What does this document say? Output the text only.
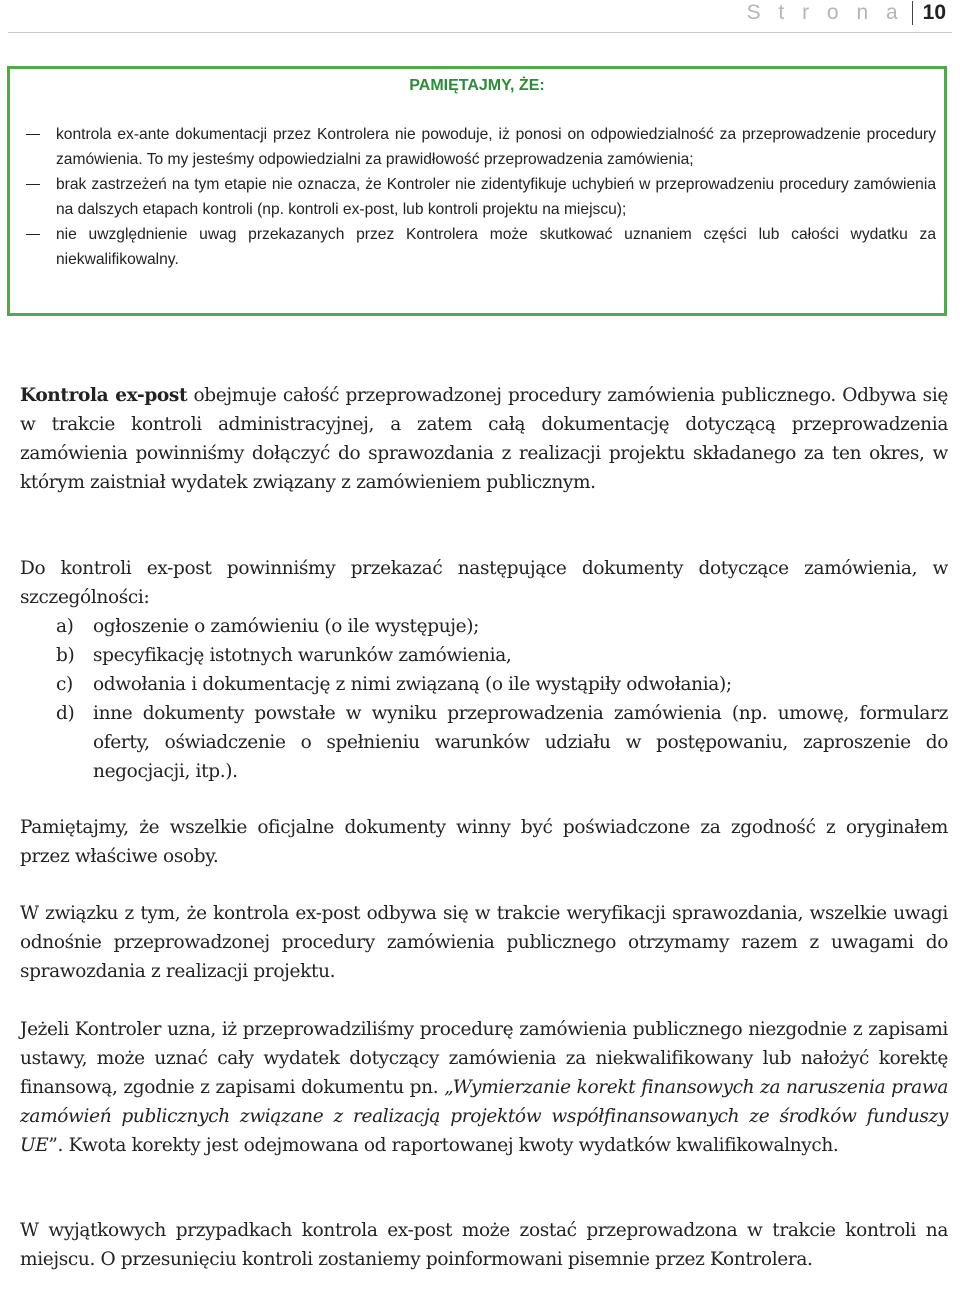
S t r o n a 10
PAMIĘTAJMY, ŻE:
kontrola ex-ante dokumentacji przez Kontrolera nie powoduje, iż ponosi on odpowiedzialność za przeprowadzenie procedury zamówienia. To my jesteśmy odpowiedzialni za prawidłowość przeprowadzenia zamówienia;
brak zastrzeżeń na tym etapie nie oznacza, że Kontroler nie zidentyfikuje uchybień w przeprowadzeniu procedury zamówienia na dalszych etapach kontroli (np. kontroli ex-post, lub kontroli projektu na miejscu);
nie uwzględnienie uwag przekazanych przez Kontrolera może skutkować uznaniem części lub całości wydatku za niekwalifikowalny.

Kontrola ex-post obejmuje całość przeprowadzonej procedury zamówienia publicznego. Odbywa się w trakcie kontroli administracyjnej, a zatem całą dokumentację dotyczącą przeprowadzenia zamówienia powinniśmy dołączyć do sprawozdania z realizacji projektu składanego za ten okres, w którym zaistniał wydatek związany z zamówieniem publicznym.

Do kontroli ex-post powinniśmy przekazać następujące dokumenty dotyczące zamówienia, w szczególności:
a) ogłoszenie o zamówieniu (o ile występuje);
b) specyfikację istotnych warunków zamówienia,
c) odwołania i dokumentację z nimi związaną (o ile wystąpiły odwołania);
d) inne dokumenty powstałe w wyniku przeprowadzenia zamówienia (np. umowę, formularz oferty, oświadczenie o spełnieniu warunków udziału w postępowaniu, zaproszenie do negocjacji, itp.).

Pamiętajmy, że wszelkie oficjalne dokumenty winny być poświadczone za zgodność z oryginałem przez właściwe osoby.

W związku z tym, że kontrola ex-post odbywa się w trakcie weryfikacji sprawozdania, wszelkie uwagi odnośnie przeprowadzonej procedury zamówienia publicznego otrzymamy razem z uwagami do sprawozdania z realizacji projektu.

Jeżeli Kontroler uzna, iż przeprowadziliśmy procedurę zamówienia publicznego niezgodnie z zapisami ustawy, może uznać cały wydatek dotyczący zamówienia za niekwalifikowany lub nałożyć korektę finansową, zgodnie z zapisami dokumentu pn. „Wymierzanie korekt finansowych za naruszenia prawa zamówień publicznych związane z realizacją projektów współfinansowanych ze środków funduszy UE”. Kwota korekty jest odejmowana od raportowanej kwoty wydatków kwalifikowalnych.

W wyjątkowych przypadkach kontrola ex-post może zostać przeprowadzona w trakcie kontroli na miejscu. O przesunięciu kontroli zostaniemy poinformowani pisemnie przez Kontrolera.
